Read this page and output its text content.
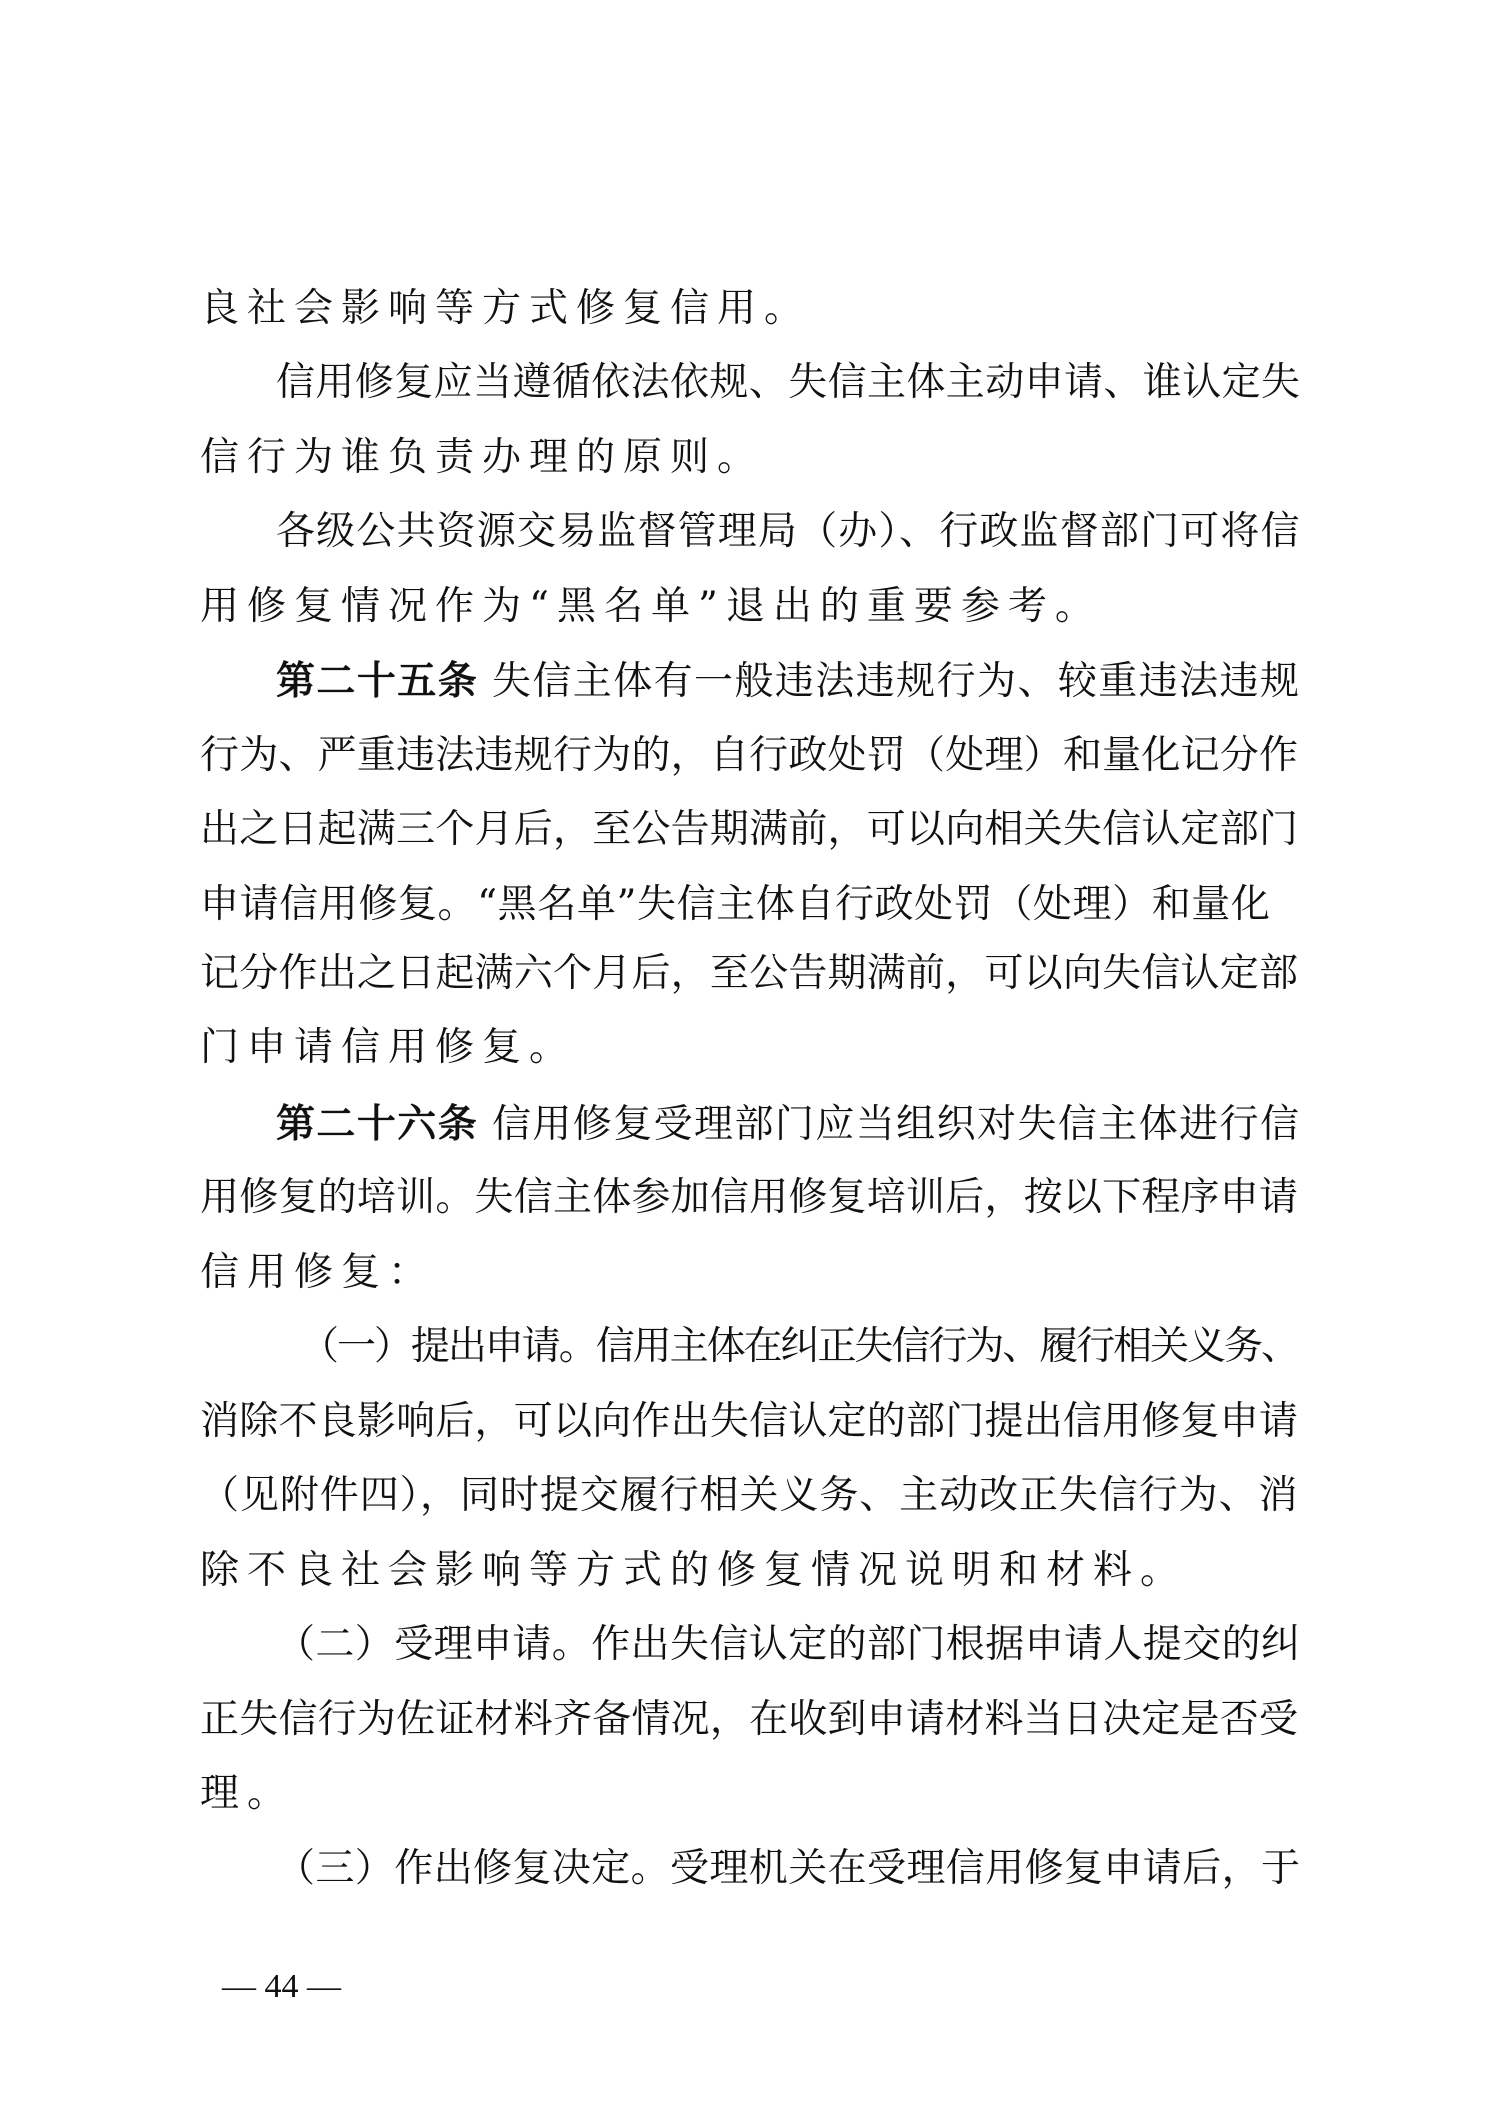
良社会影响等方式修复信用。
信用修复应当遵循依法依规、失信主体主动申请、谁认定失
信行为谁负责办理的原则。
各级公共资源交易监督管理局（办）、行政监督部门可将信
用修复情况作为“黑名单”退出的重要参考。
第二十五条 失信主体有一般违法违规行为、较重违法违规
行为、严重违法违规行为的，自行政处罚（处理）和量化记分作
出之日起满三个月后，至公告期满前，可以向相关失信认定部门
申请信用修复。“黑名单”失信主体自行政处罚（处理）和量化
记分作出之日起满六个月后，至公告期满前，可以向失信认定部
门申请信用修复。
第二十六条 信用修复受理部门应当组织对失信主体进行信
用修复的培训。失信主体参加信用修复培训后，按以下程序申请
信用修复：
（一）提出申请。信用主体在纠正失信行为、履行相关义务、
消除不良影响后，可以向作出失信认定的部门提出信用修复申请
（见附件四），同时提交履行相关义务、主动改正失信行为、消
除不良社会影响等方式的修复情况说明和材料。
（二）受理申请。作出失信认定的部门根据申请人提交的纠
正失信行为佐证材料齐备情况，在收到申请材料当日决定是否受
理。
（三）作出修复决定。受理机关在受理信用修复申请后，于
— 44 —
